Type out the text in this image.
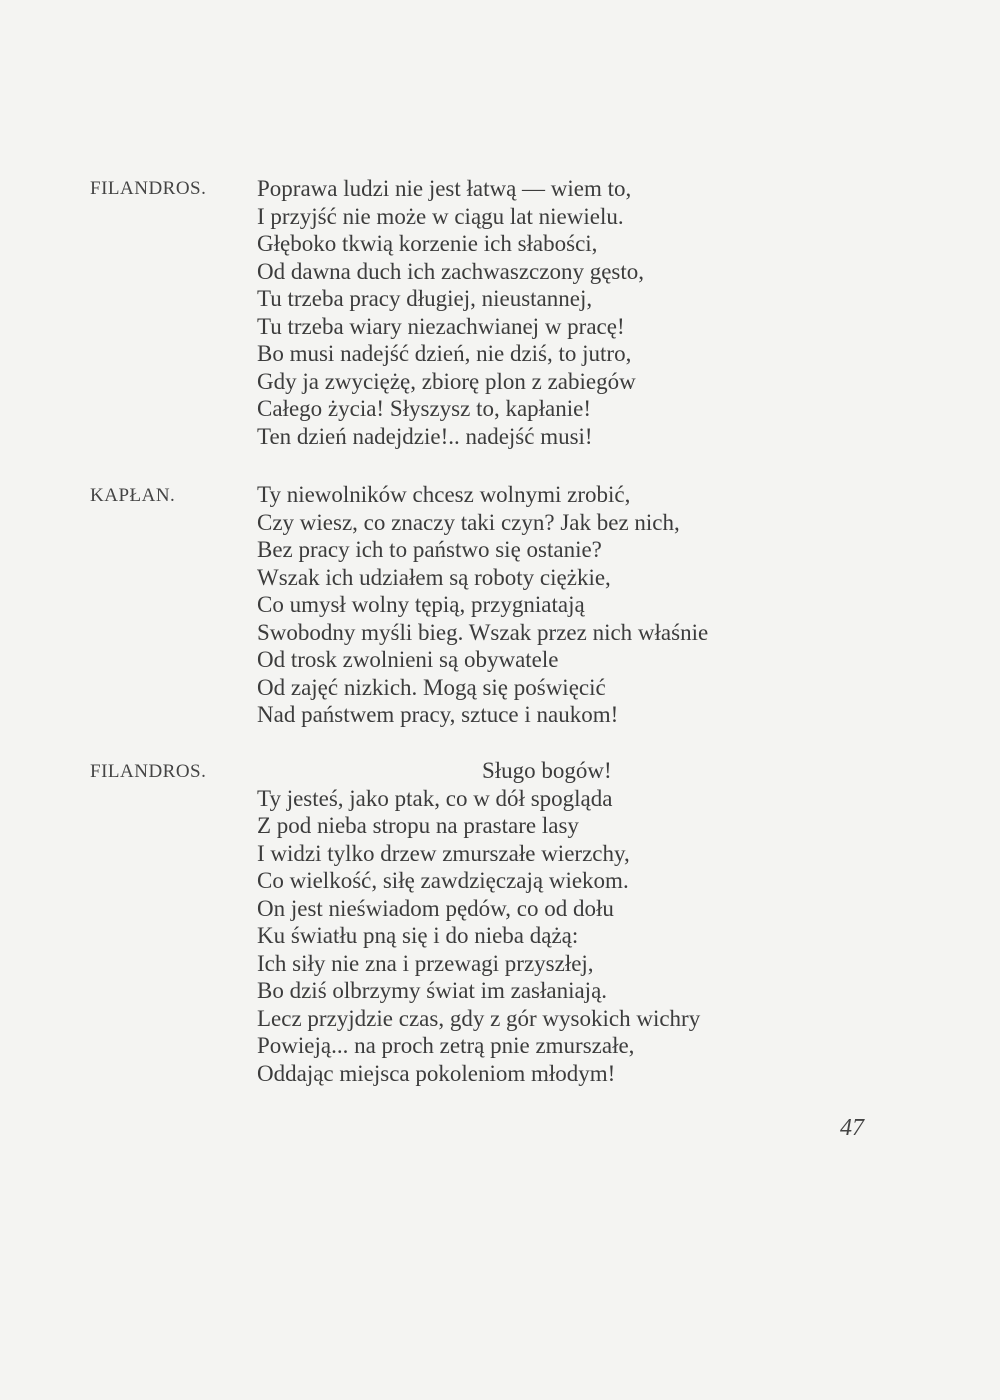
FILANDROS. Poprawa ludzi nie jest łatwą — wiem to,
I przyjść nie może w ciągu lat niewielu.
Głęboko tkwią korzenie ich słabości,
Od dawna duch ich zachwaszczony gęsto,
Tu trzeba pracy długiej, nieustannej,
Tu trzeba wiary niezachwianej w pracę!
Bo musi nadejść dzień, nie dziś, to jutro,
Gdy ja zwyciężę, zbiorę plon z zabiegów
Całego życia! Słyszysz to, kapłanie!
Ten dzień nadejdzie!.. nadejść musi!
KAPŁAN.	Ty niewolników chcesz wolnymi zrobić,
Czy wiesz, co znaczy taki czyn? Jak bez nich,
Bez pracy ich to państwo się ostanie?
Wszak ich udziałem są roboty ciężkie,
Co umysł wolny tępią, przygniatają
Swobodny myśli bieg. Wszak przez nich właśnie
Od trosk zwolnieni są obywatele
Od zajęć nizkich. Mogą się poświęcić
Nad państwem pracy, sztuce i naukom!
FILANDROS.	Sługo bogów!
Ty jesteś, jako ptak, co w dół spogląda
Z pod nieba stropu na prastare lasy
I widzi tylko drzew zmurszałe wierzchy,
Co wielkość, siłę zawdzięczają wiekom.
On jest nieświadom pędów, co od dołu
Ku światłu pną się i do nieba dążą:
Ich siły nie zna i przewagi przyszłej,
Bo dziś olbrzymy świat im zasłaniają.
Lecz przyjdzie czas, gdy z gór wysokich wichry
Powieją... na proch zetrą pnie zmurszałe,
Oddając miejsca pokoleniom młodym!
47
